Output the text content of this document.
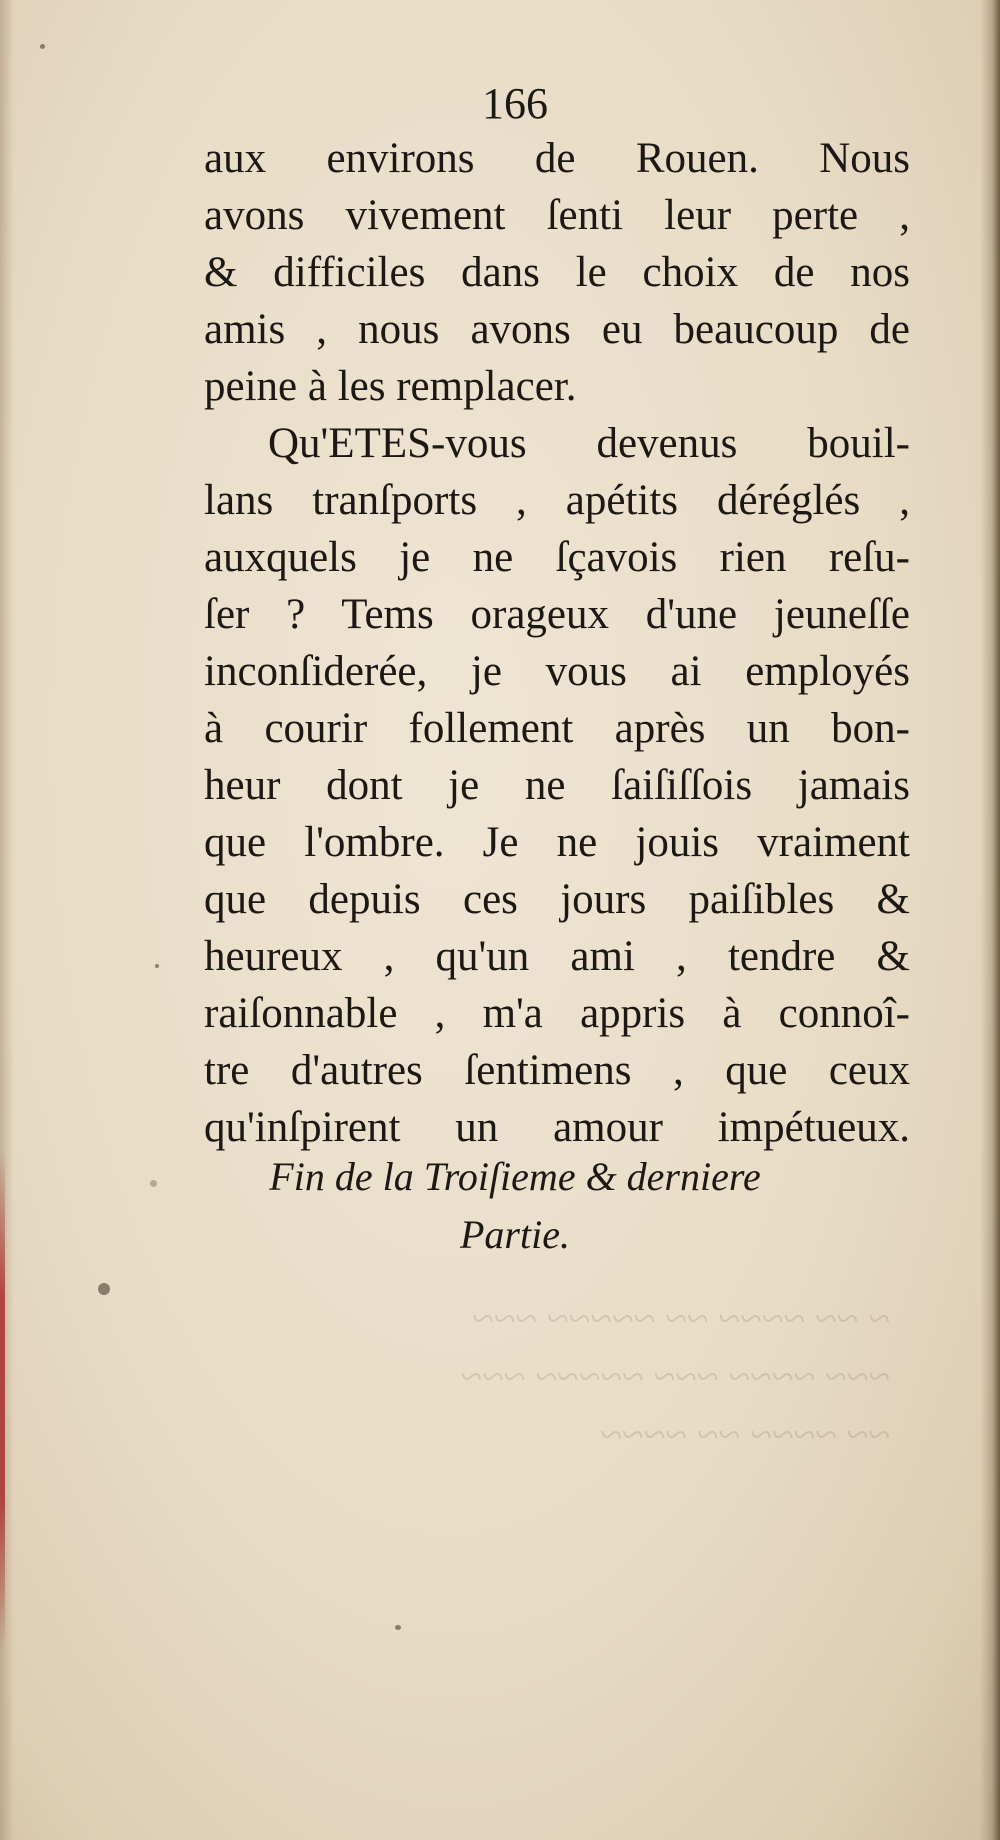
166
aux environs de Rouen. Nous
avons vivement ſenti leur perte ,
& difficiles dans le choix de nos
amis , nous avons eu beaucoup de
peine à les remplacer.
Qu'ETES-vous devenus bouil-
lans tranſports , apétits déréglés ,
auxquels je ne ſçavois rien reſu-
ſer ? Tems orageux d'une jeuneſſe
inconſiderée, je vous ai employés
à courir follement après un bon-
heur dont je ne ſaiſiſſois jamais
que l'ombre. Je ne jouis vraiment
que depuis ces jours paiſibles &
heureux , qu'un ami , tendre &
raiſonnable , m'a appris à connoî-
tre d'autres ſentimens , que ceux
qu'inſpirent un amour impétueux.
Fin de la Troiſieme & derniere
Partie.
​~ ~~ ~~~~ ~~ ~~~~~ ~~~
​~~~ ~~~~ ~~~ ~~~~~ ~~~
​~~ ~~~~ ~~ ~~~~
